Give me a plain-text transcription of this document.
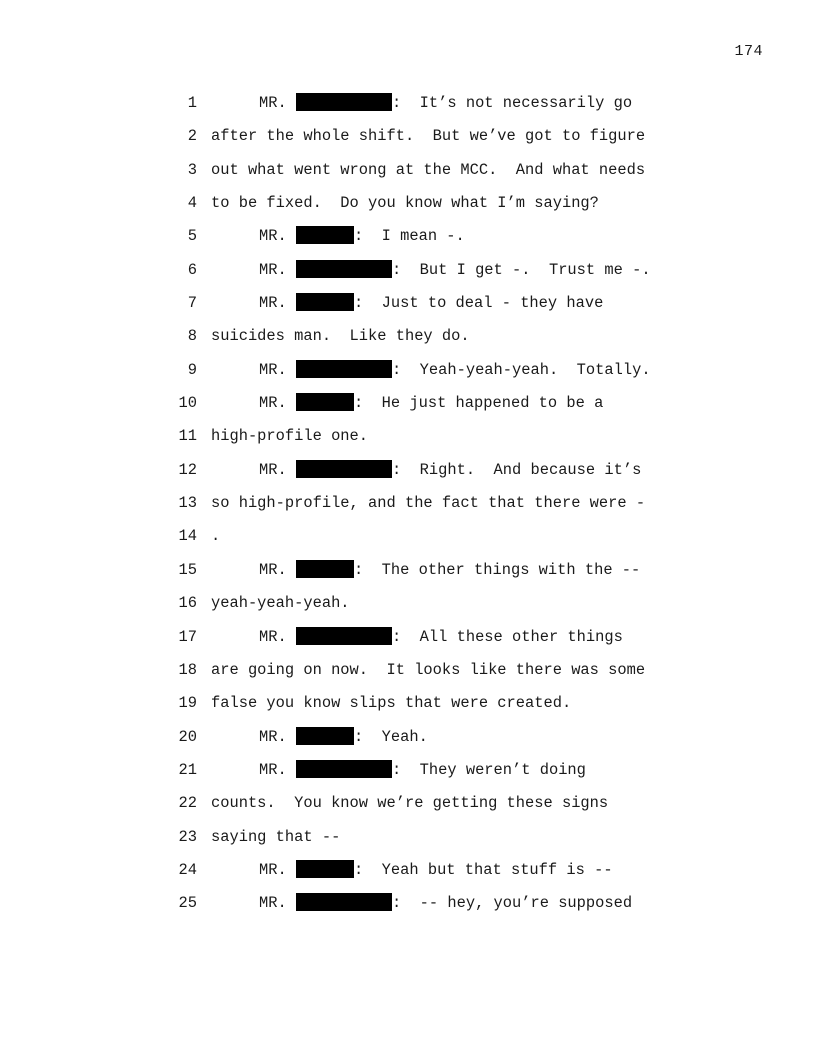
174
1	MR.	:  It’s not necessarily go
2 after the whole shift.  But we’ve got to figure
3 out what went wrong at the MCC.  And what needs
4 to be fixed.  Do you know what I’m saying?
5	MR.	:  I mean -.
6	MR.	:  But I get -.  Trust me -.
7	MR.	:  Just to deal - they have
8 suicides man.  Like they do.
9	MR.	:  Yeah-yeah-yeah.  Totally.
10	MR.	:  He just happened to be a
11 high-profile one.
12	MR.	:  Right.  And because it’s
13 so high-profile, and the fact that there were -
14 .
15	MR.	:  The other things with the --
16 yeah-yeah-yeah.
17	MR.	:  All these other things
18 are going on now.  It looks like there was some
19 false you know slips that were created.
20	MR.	:  Yeah.
21	MR.	:  They weren’t doing
22 counts.  You know we’re getting these signs
23 saying that --
24	MR.	:  Yeah but that stuff is --
25	MR.	:  -- hey, you’re supposed
